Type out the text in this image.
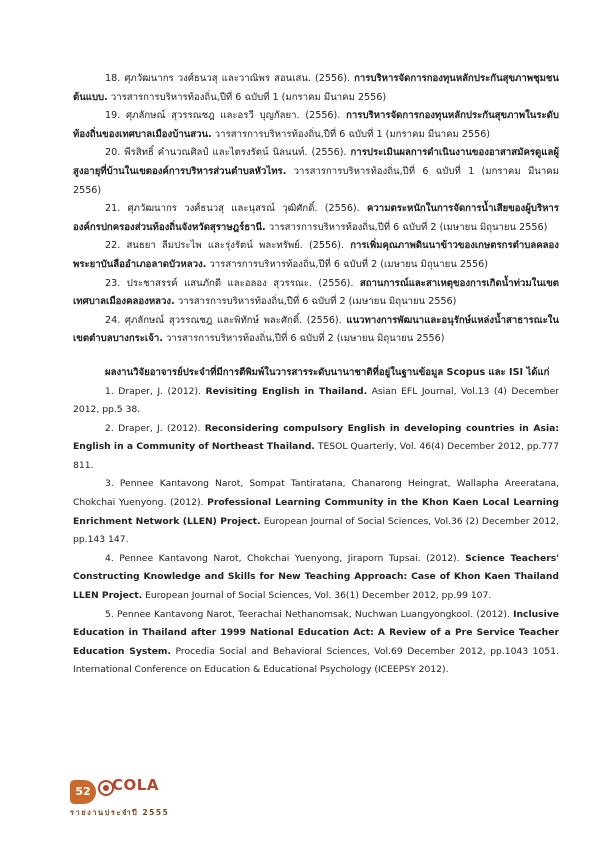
18. ศุภวัฒนากร วงศ์ธนวสุ และวาณิพร สอนเสน. (2556). การบริหารจัดการกองทุนหลักประกันสุขภาพชุมชนต้นแบบ. วารสารการบริหารท้องถิ่น,ปีที่ 6 ฉบับที่ 1 (มกราคม มีนาคม 2556)

19. ศุภลักษณ์ สุวรรณชฎ และอรวี บุญกัลยา. (2556). การบริหารจัดการกองทุนหลักประกันสุขภาพในระดับท้องถิ่นของเทศบาลเมืองบ้านสวน. วารสารการบริหารท้องถิ่น,ปีที่ 6 ฉบับที่ 1 (มกราคม มีนาคม 2556)

20. พีรสิทธิ์ คำนวณศิลป์ และไตรงรัตน์ นิลนนท์. (2556). การประเมินผลการดำเนินงานของอาสาสมัครดูแลผู้สูงอายุที่บ้านในเขตองค์การบริหารส่วนตำบลหัวไทร. วารสารการบริหารท้องถิ่น,ปีที่ 6 ฉบับที่ 1 (มกราคม มีนาคม 2556)

21. ศุภวัฒนากร วงศ์ธนวสุ และนุสรณ์ วุฒิศักดิ์. (2556). ความตระหนักในการจัดการน้ำเสียของผู้บริหารองค์กรปกครองส่วนท้องถิ่นจังหวัดสุราษฎร์ธานี. วารสารการบริหารท้องถิ่น,ปีที่ 6 ฉบับที่ 2 (เมษายน มิถุนายน 2556)

22. สนธยา ลีมประไพ และรุ่งรัตน์ พละทรัพย์. (2556). การเพิ่มคุณภาพดินนาข้าวของเกษตรกรตำบลคลองพระยาบันลืออำเภอลาดบัวหลวง. วารสารการบริหารท้องถิ่น,ปีที่ 6 ฉบับที่ 2 (เมษายน มิถุนายน 2556)

23. ประชาสรรค์ แสนภักดี และอลอง สุวรรณะ. (2556). สถานการณ์และสาเหตุของการเกิดน้ำท่วมในเขตเทศบาลเมืองคลองหลวง. วารสารการบริหารท้องถิ่น,ปีที่ 6 ฉบับที่ 2 (เมษายน มิถุนายน 2556)

24. ศุภลักษณ์ สุวรรณชฎ และพิทักษ์ พละศักดิ์. (2556). แนวทางการพัฒนาและอนุรักษ์แหล่งน้ำสาธารณะในเขตตำบลบางกระเจ้า. วารสารการบริหารท้องถิ่น,ปีที่ 6 ฉบับที่ 2 (เมษายน มิถุนายน 2556)

ผลงานวิจัยอาจารย์ประจำที่มีการตีพิมพ์ในวารสารระดับนานาชาติที่อยู่ในฐานข้อมูล Scopus และ ISI ได้แก่

1. Draper, J. (2012). Revisiting English in Thailand. Asian EFL Journal, Vol.13 (4) December 2012, pp.5 38.

2. Draper, J. (2012). Reconsidering compulsory English in developing countries in Asia: English in a Community of Northeast Thailand. TESOL Quarterly, Vol. 46(4) December 2012, pp.777 811.

3. Pennee Kantavong Narot, Sompat Tantiratana, Chanarong Heingrat, Wallapha Areeratana, Chokchai Yuenyong. (2012). Professional Learning Community in the Khon Kaen Local Learning Enrichment Network (LLEN) Project. European Journal of Social Sciences, Vol.36 (2) December 2012, pp.143 147.

4. Pennee Kantavong Narot, Chokchai Yuenyong, Jiraporn Tupsai. (2012). Science Teachers' Constructing Knowledge and Skills for New Teaching Approach: Case of Khon Kaen Thailand LLEN Project. European Journal of Social Sciences, Vol. 36(1) December 2012, pp.99 107.

5. Pennee Kantavong Narot, Teerachai Nethanomsak, Nuchwan Luangyongkool. (2012). Inclusive Education in Thailand after 1999 National Education Act: A Review of a Pre Service Teacher Education System. Procedia Social and Behavioral Sciences, Vol.69 December 2012, pp.1043 1051. International Conference on Education & Educational Psychology (ICEEPSY 2012).

52	COLA
รายงานประจำปี 2555
